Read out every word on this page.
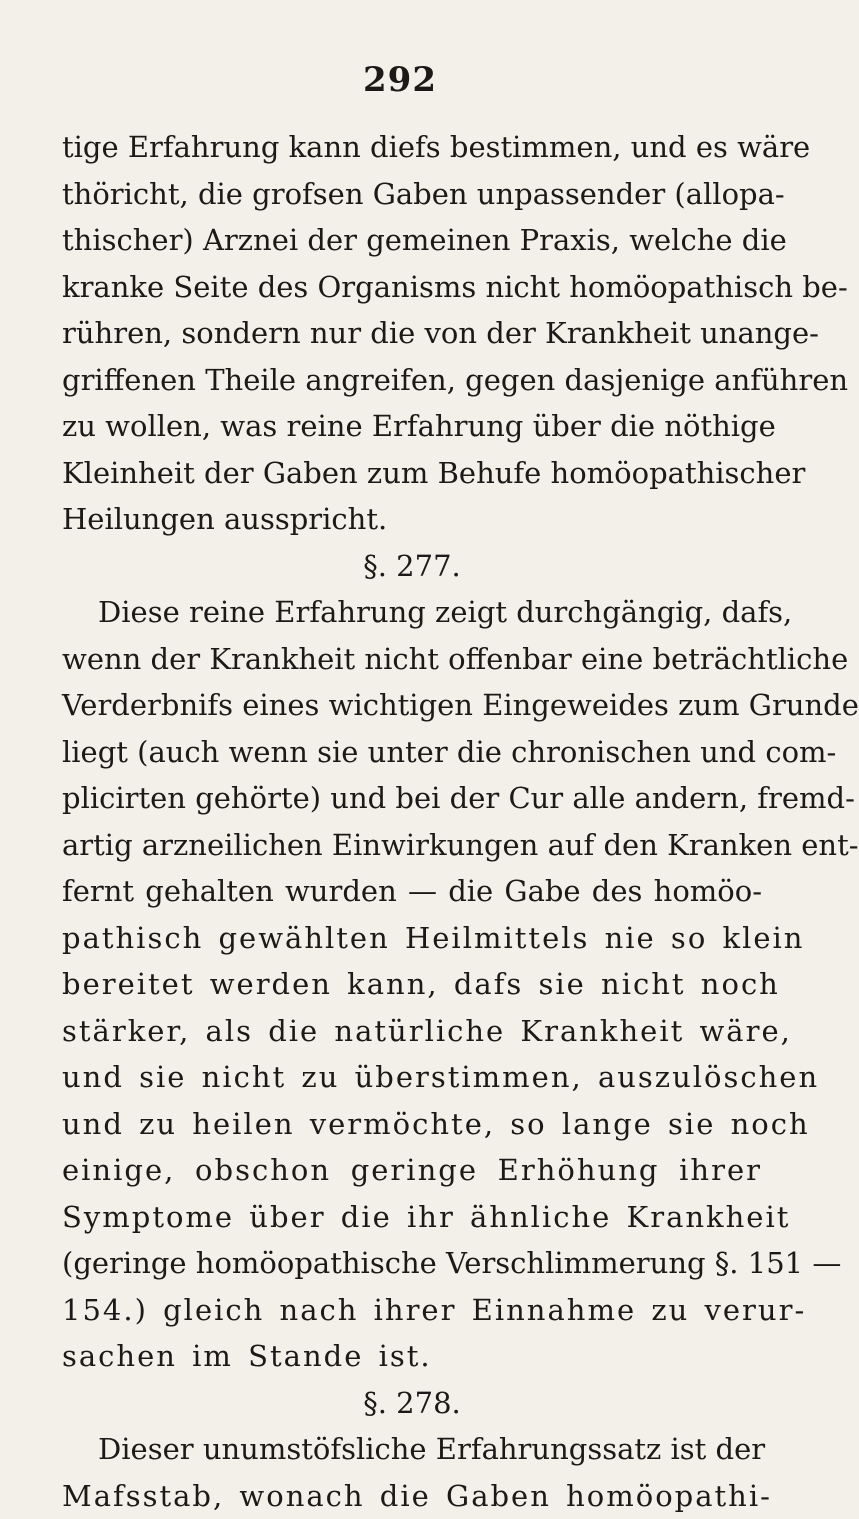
292
tige Erfahrung kann diefs bestimmen, und es wäre
thöricht, die grofsen Gaben unpassender (allopa-
thischer) Arznei der gemeinen Praxis, welche die
kranke Seite des Organisms nicht homöopathisch be-
rühren, sondern nur die von der Krankheit unange-
griffenen Theile angreifen, gegen dasjenige anführen
zu wollen, was reine Erfahrung über die nöthige
Kleinheit der Gaben zum Behufe homöopathischer
Heilungen ausspricht.
§. 277.
Diese reine Erfahrung zeigt durchgängig, dafs,
wenn der Krankheit nicht offenbar eine beträchtliche
Verderbnifs eines wichtigen Eingeweides zum Grunde
liegt (auch wenn sie unter die chronischen und com-
plicirten gehörte) und bei der Cur alle andern, fremd-
artig arzneilichen Einwirkungen auf den Kranken ent-
fernt gehalten wurden — die Gabe des homöo-
pathisch gewählten Heilmittels nie so klein
bereitet werden kann, dafs sie nicht noch
stärker, als die natürliche Krankheit wäre,
und sie nicht zu überstimmen, auszulöschen
und zu heilen vermöchte, so lange sie noch
einige, obschon geringe Erhöhung ihrer
Symptome über die ihr ähnliche Krankheit
(geringe homöopathische Verschlimmerung §. 151 —
154.) gleich nach ihrer Einnahme zu verur-
sachen im Stande ist.
§. 278.
Dieser unumstöfsliche Erfahrungssatz ist der
Mafsstab, wonach die Gaben homöopathi-
